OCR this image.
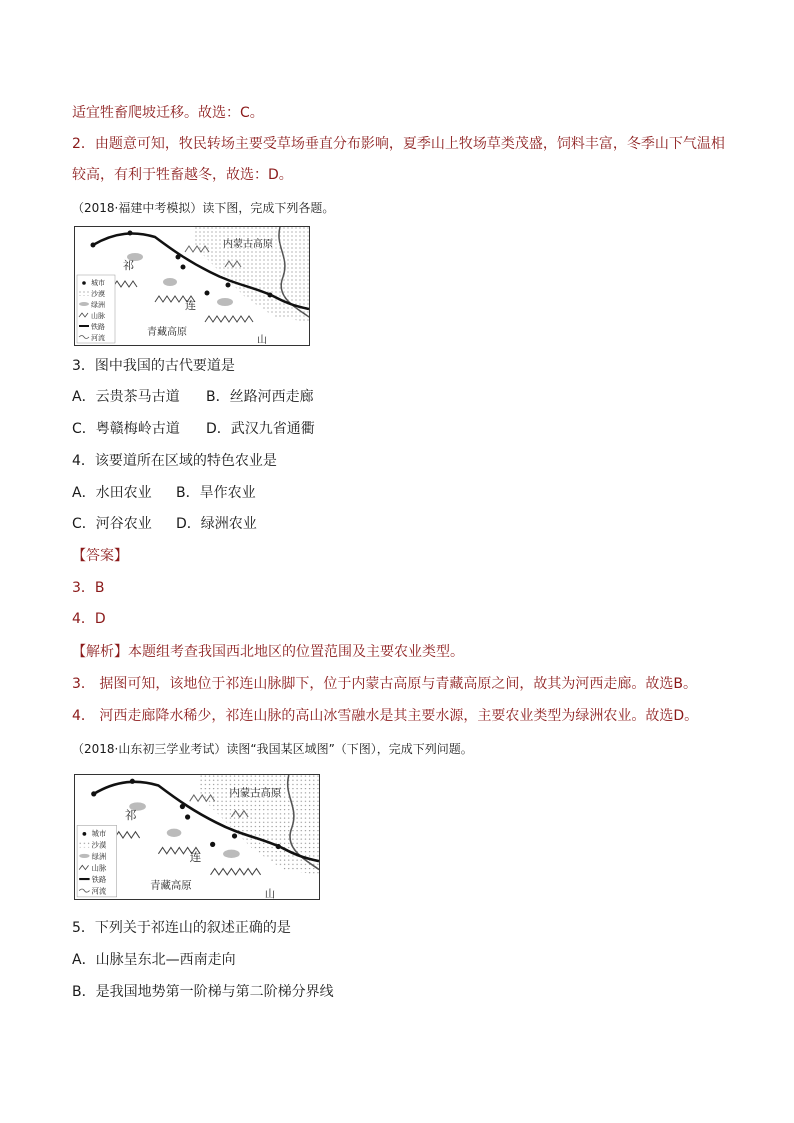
适宜牲畜爬坡迁移。故选：C。
2．由题意可知，牧民转场主要受草场垂直分布影响，夏季山上牧场草类茂盛，饲料丰富，冬季山下气温相
较高，有利于牲畜越冬，故选：D。
（2018·福建中考模拟）读下图，完成下列各题。
城市
沙漠
绿洲
山脉
铁路
河流
内蒙古高原
青藏高原
祁
连
山
3．图中我国的古代要道是
A．云贵茶马古道 B．丝路河西走廊
C．粤赣梅岭古道 D．武汉九省通衢
4．该要道所在区域的特色农业是
A．水田农业 B．旱作农业
C．河谷农业 D．绿洲农业
【答案】
3．B
4．D
【解析】本题组考查我国西北地区的位置范围及主要农业类型。
3． 据图可知，该地位于祁连山脉脚下，位于内蒙古高原与青藏高原之间，故其为河西走廊。故选B。
4． 河西走廊降水稀少，祁连山脉的高山冰雪融水是其主要水源，主要农业类型为绿洲农业。故选D。
（2018·山东初三学业考试）读图“我国某区域图”（下图），完成下列问题。
城市
沙漠
绿洲
山脉
铁路
河流
内蒙古高原
青藏高原
祁
连
山
5．下列关于祁连山的叙述正确的是
A．山脉呈东北—西南走向
B．是我国地势第一阶梯与第二阶梯分界线
